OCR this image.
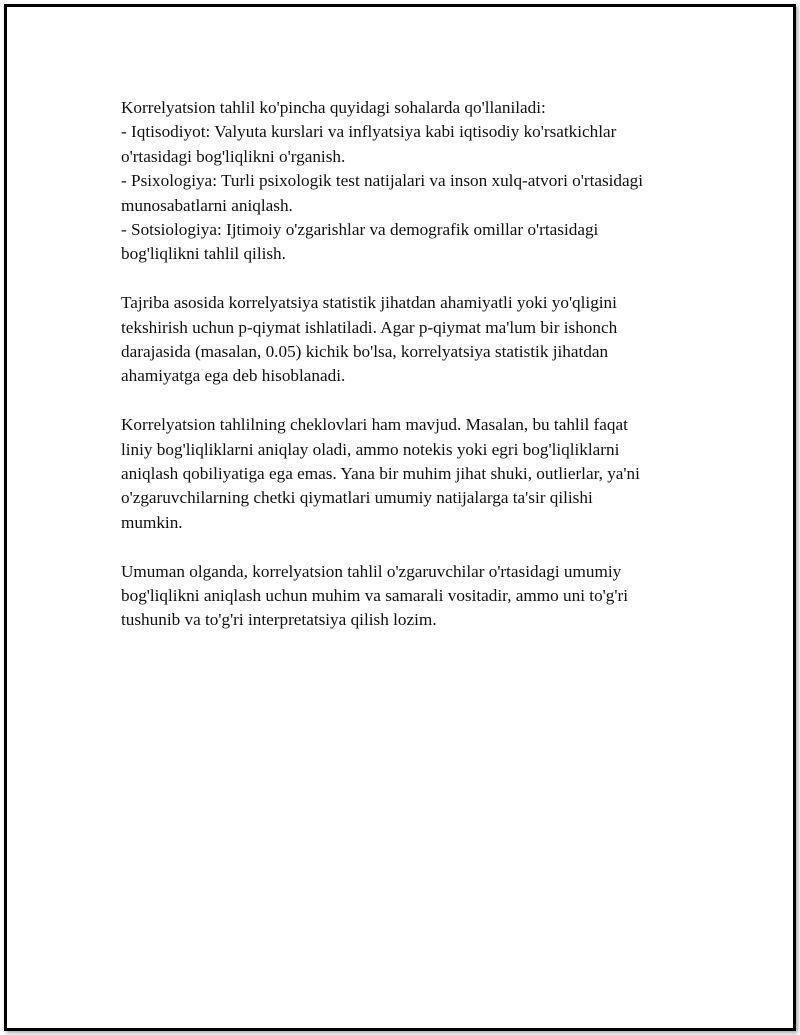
Korrelyatsion tahlil ko'pincha quyidagi sohalarda qo'llaniladi:
- Iqtisodiyot: Valyuta kurslari va inflyatsiya kabi iqtisodiy ko'rsatkichlar
o'rtasidagi bog'liqlikni o'rganish.
- Psixologiya: Turli psixologik test natijalari va inson xulq-atvori o'rtasidagi
munosabatlarni aniqlash.
- Sotsiologiya: Ijtimoiy o'zgarishlar va demografik omillar o'rtasidagi
bog'liqlikni tahlil qilish.

Tajriba asosida korrelyatsiya statistik jihatdan ahamiyatli yoki yo'qligini
tekshirish uchun p-qiymat ishlatiladi. Agar p-qiymat ma'lum bir ishonch
darajasida (masalan, 0.05) kichik bo'lsa, korrelyatsiya statistik jihatdan
ahamiyatga ega deb hisoblanadi.

Korrelyatsion tahlilning cheklovlari ham mavjud. Masalan, bu tahlil faqat
liniy bog'liqliklarni aniqlay oladi, ammo notekis yoki egri bog'liqliklarni
aniqlash qobiliyatiga ega emas. Yana bir muhim jihat shuki, outlierlar, ya'ni
o'zgaruvchilarning chetki qiymatlari umumiy natijalarga ta'sir qilishi
mumkin.

Umuman olganda, korrelyatsion tahlil o'zgaruvchilar o'rtasidagi umumiy
bog'liqlikni aniqlash uchun muhim va samarali vositadir, ammo uni to'g'ri
tushunib va to'g'ri interpretatsiya qilish lozim.
